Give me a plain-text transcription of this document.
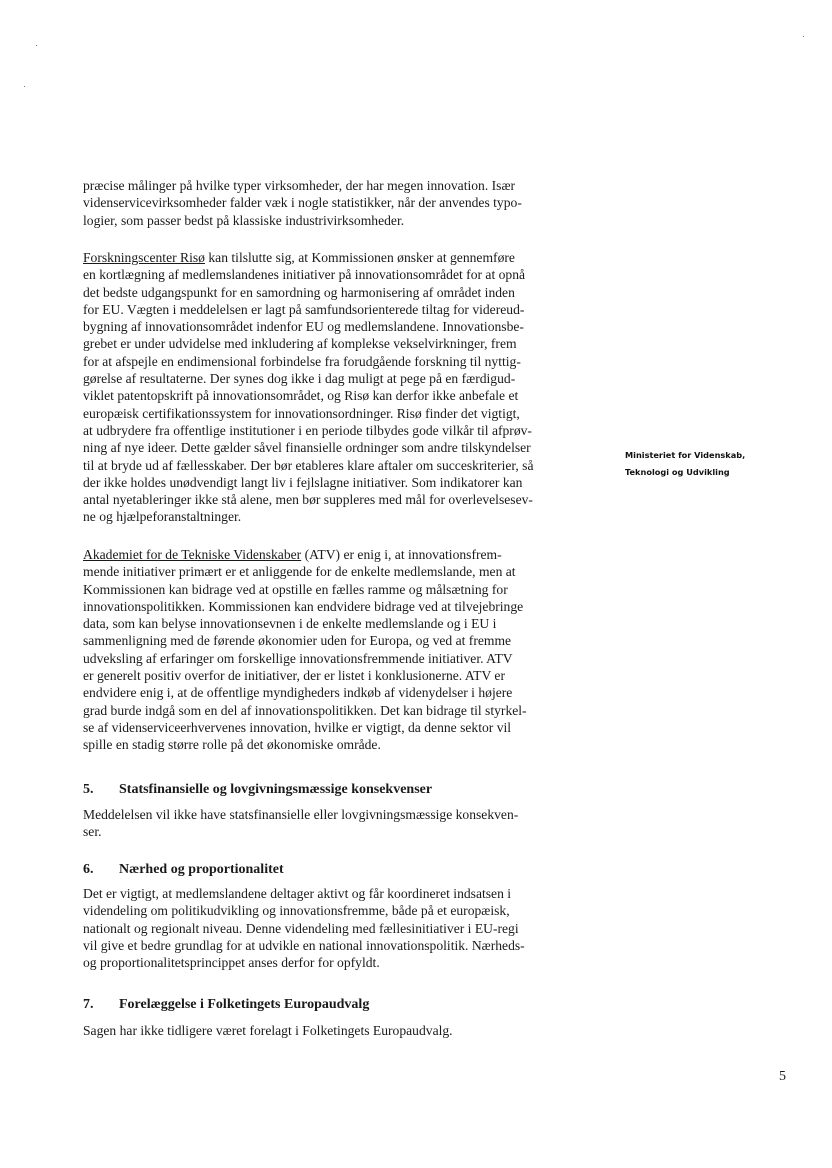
præcise målinger på hvilke typer virksomheder, der har megen innovation. Især

videnservicevirksomheder falder væk i nogle statistikker, når der anvendes typo-

logier, som passer bedst på klassiske industrivirksomheder.

Forskningscenter Risø kan tilslutte sig, at Kommissionen ønsker at gennemføre

en kortlægning af medlemslandenes initiativer på innovationsområdet for at opnå

det bedste udgangspunkt for en samordning og harmonisering af området inden

for EU. Vægten i meddelelsen er lagt på samfundsorienterede tiltag for videreud-

bygning af innovationsområdet indenfor EU og medlemslandene. Innovationsbe-

grebet er under udvidelse med inkludering af komplekse vekselvirkninger, frem

for at afspejle en endimensional forbindelse fra forudgående forskning til nyttig-

gørelse af resultaterne. Der synes dog ikke i dag muligt at pege på en færdigud-

viklet patentopskrift på innovationsområdet, og Risø kan derfor ikke anbefale et

europæisk certifikationssystem for innovationsordninger. Risø finder det vigtigt,

at udbrydere fra offentlige institutioner i en periode tilbydes gode vilkår til afprøv-

ning af nye ideer. Dette gælder såvel finansielle ordninger som andre tilskyndelser

til at bryde ud af fællesskaber. Der bør etableres klare aftaler om succeskriterier, så

der ikke holdes unødvendigt langt liv i fejlslagne initiativer. Som indikatorer kan

antal nyetableringer ikke stå alene, men bør suppleres med mål for overlevelsesev-

ne og hjælpeforanstaltninger.

Ministeriet for Videnskab,
Teknologi og Udvikling

Akademiet for de Tekniske Videnskaber (ATV) er enig i, at innovationsfrem-

mende initiativer primært er et anliggende for de enkelte medlemslande, men at

Kommissionen kan bidrage ved at opstille en fælles ramme og målsætning for

innovationspolitikken. Kommissionen kan endvidere bidrage ved at tilvejebringe

data, som kan belyse innovationsevnen i de enkelte medlemslande og i EU i

sammenligning med de førende økonomier uden for Europa, og ved at fremme

udveksling af erfaringer om forskellige innovationsfremmende initiativer. ATV

er generelt positiv overfor de initiativer, der er listet i konklusionerne. ATV er

endvidere enig i, at de offentlige myndigheders indkøb af videnydelser i højere

grad burde indgå som en del af innovationspolitikken. Det kan bidrage til styrkel-

se af videnserviceerhvervenes innovation, hvilke er vigtigt, da denne sektor vil

spille en stadig større rolle på det økonomiske område.

5. Statsfinansielle og lovgivningsmæssige konsekvenser

Meddelelsen vil ikke have statsfinansielle eller lovgivningsmæssige konsekven-

ser.

6. Nærhed og proportionalitet

Det er vigtigt, at medlemslandene deltager aktivt og får koordineret indsatsen i

videndeling om politikudvikling og innovationsfremme, både på et europæisk,

nationalt og regionalt niveau. Denne videndeling med fællesinitiativer i EU-regi

vil give et bedre grundlag for at udvikle en national innovationspolitik. Nærheds-

og proportionalitetsprincippet anses derfor for opfyldt.

7. Forelæggelse i Folketingets Europaudvalg

Sagen har ikke tidligere været forelagt i Folketingets Europaudvalg.

5
